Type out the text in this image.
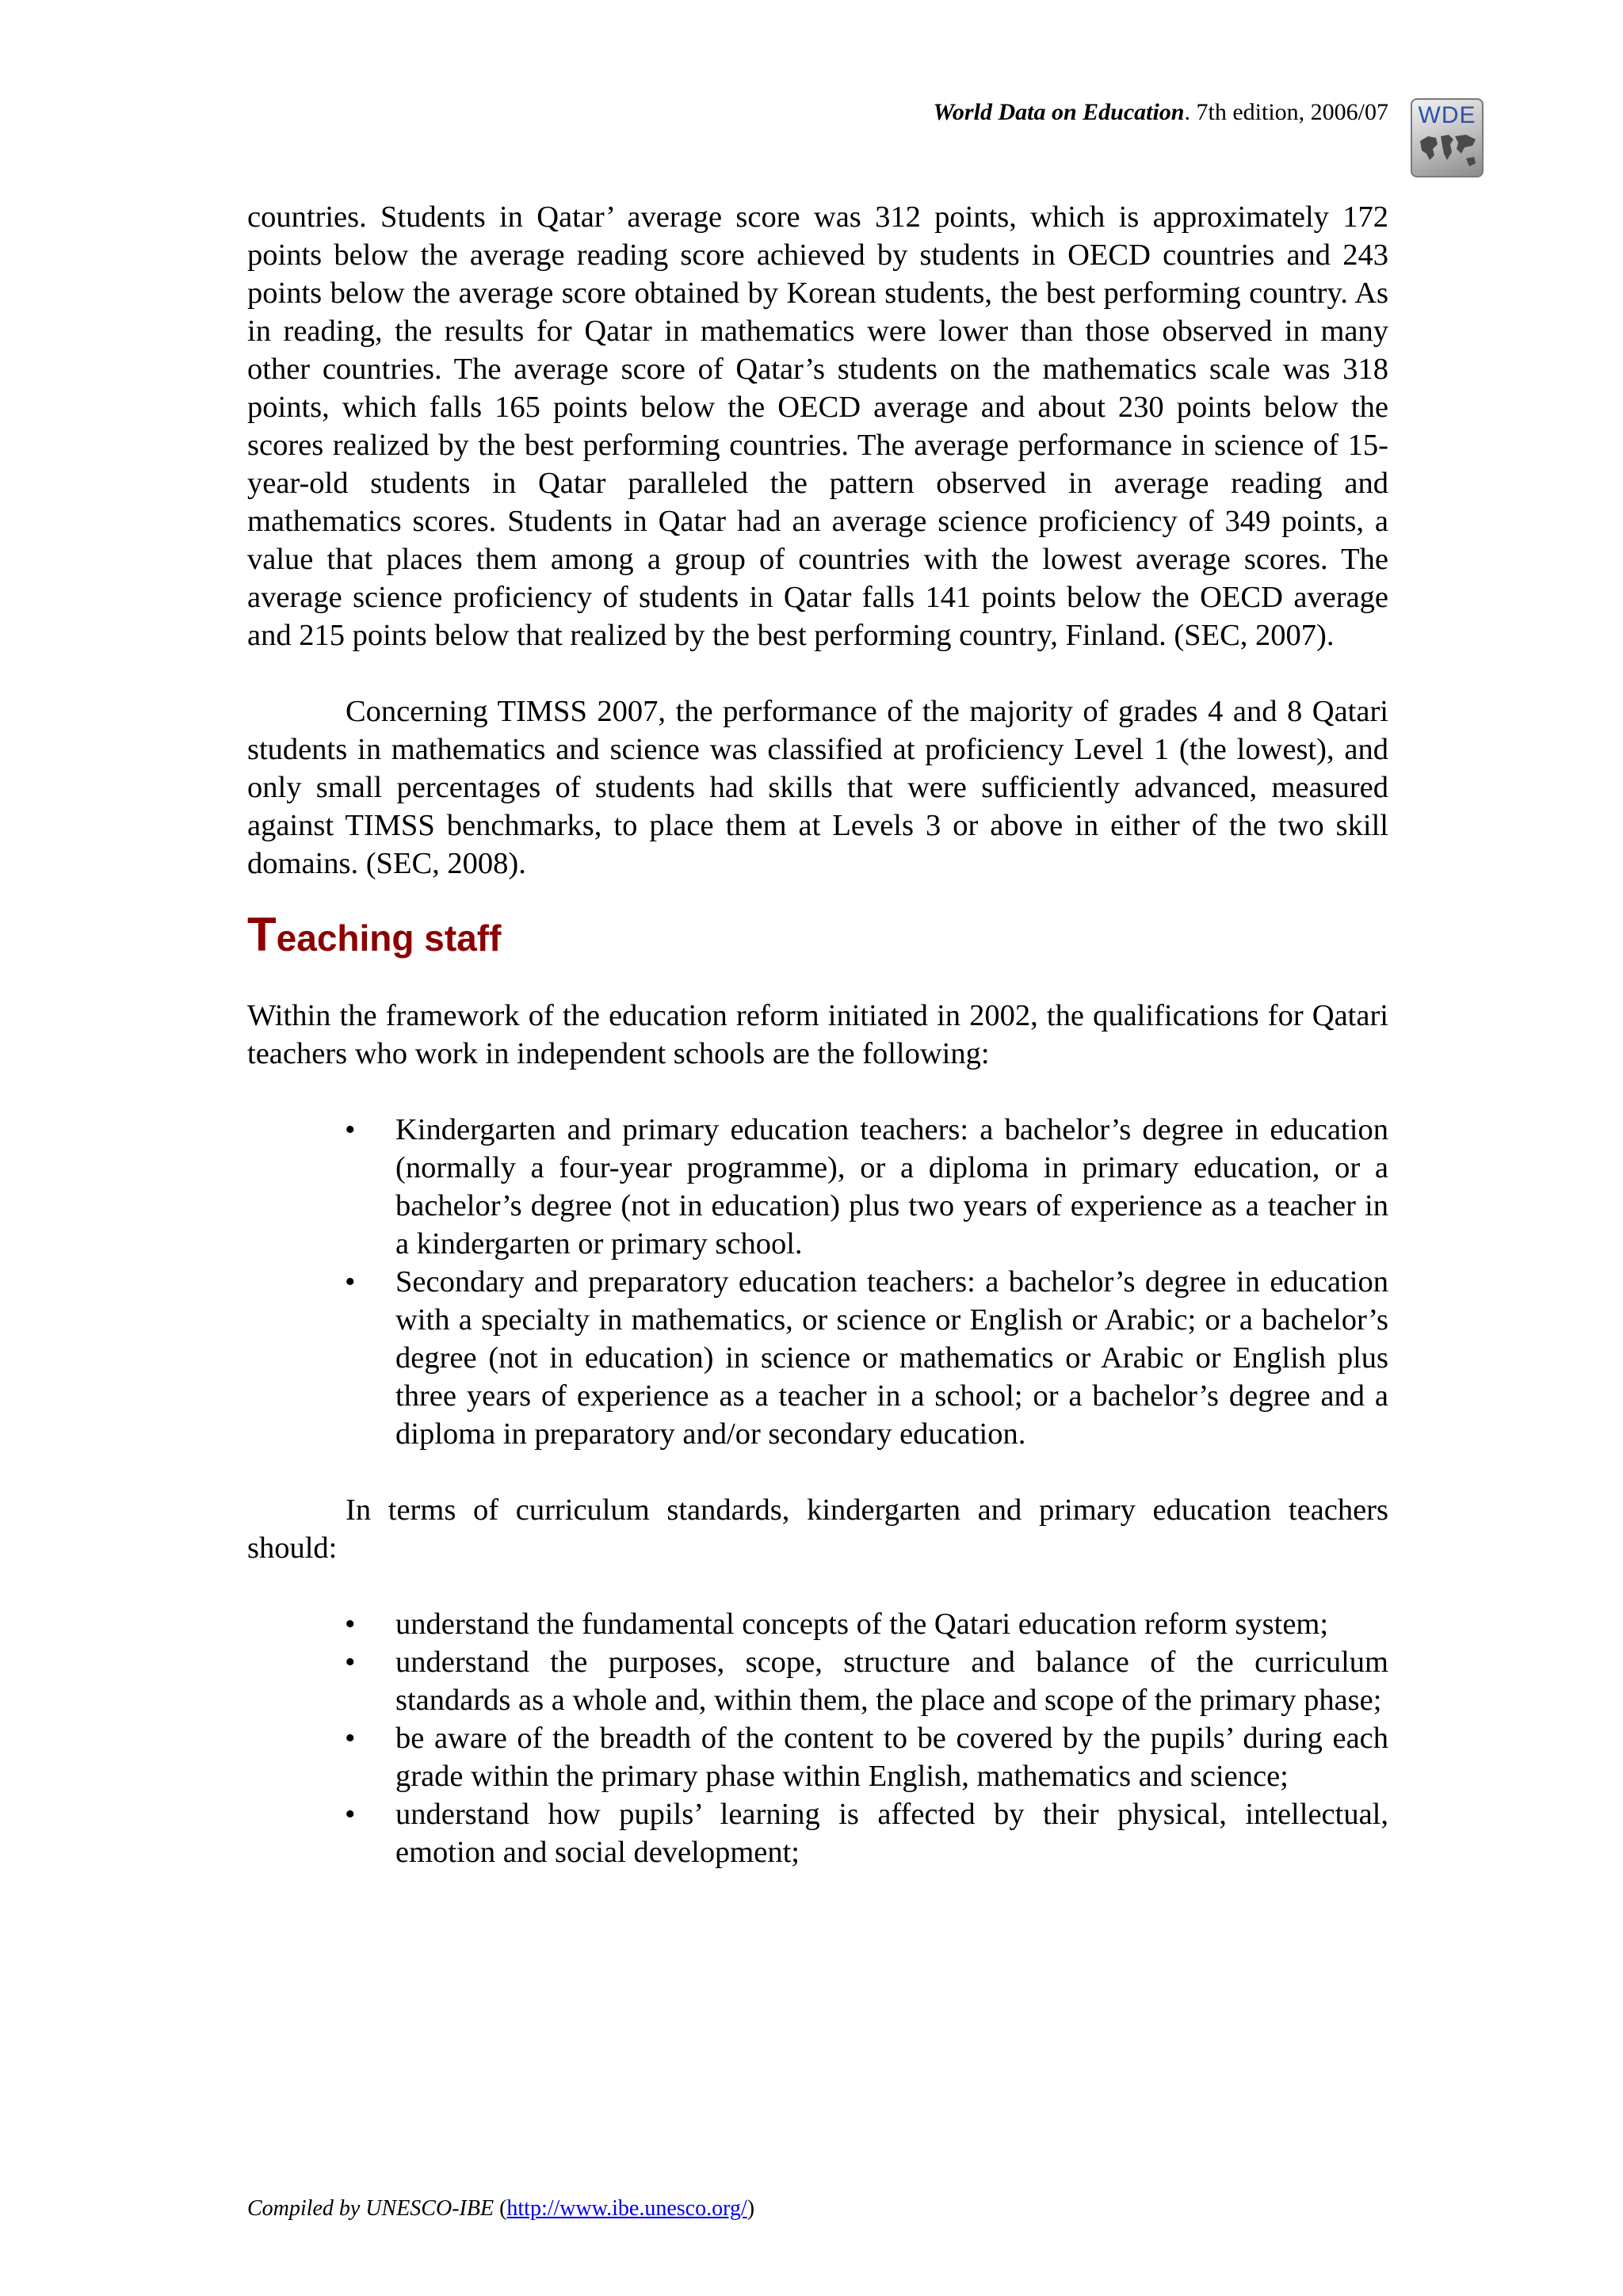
World Data on Education. 7th edition, 2006/07 WDE

countries. Students in Qatar’ average score was 312 points, which is approximately 172 points below the average reading score achieved by students in OECD countries and 243 points below the average score obtained by Korean students, the best performing country. As in reading, the results for Qatar in mathematics were lower than those observed in many other countries. The average score of Qatar’s students on the mathematics scale was 318 points, which falls 165 points below the OECD average and about 230 points below the scores realized by the best performing countries. The average performance in science of 15-year-old students in Qatar paralleled the pattern observed in average reading and mathematics scores. Students in Qatar had an average science proficiency of 349 points, a value that places them among a group of countries with the lowest average scores. The average science proficiency of students in Qatar falls 141 points below the OECD average and 215 points below that realized by the best performing country, Finland. (SEC, 2007).

Concerning TIMSS 2007, the performance of the majority of grades 4 and 8 Qatari students in mathematics and science was classified at proficiency Level 1 (the lowest), and only small percentages of students had skills that were sufficiently advanced, measured against TIMSS benchmarks, to place them at Levels 3 or above in either of the two skill domains. (SEC, 2008).

Teaching staff

Within the framework of the education reform initiated in 2002, the qualifications for Qatari teachers who work in independent schools are the following:

• Kindergarten and primary education teachers: a bachelor’s degree in education (normally a four-year programme), or a diploma in primary education, or a bachelor’s degree (not in education) plus two years of experience as a teacher in a kindergarten or primary school.
• Secondary and preparatory education teachers: a bachelor’s degree in education with a specialty in mathematics, or science or English or Arabic; or a bachelor’s degree (not in education) in science or mathematics or Arabic or English plus three years of experience as a teacher in a school; or a bachelor’s degree and a diploma in preparatory and/or secondary education.

In terms of curriculum standards, kindergarten and primary education teachers should:

• understand the fundamental concepts of the Qatari education reform system;
• understand the purposes, scope, structure and balance of the curriculum standards as a whole and, within them, the place and scope of the primary phase;
• be aware of the breadth of the content to be covered by the pupils’ during each grade within the primary phase within English, mathematics and science;
• understand how pupils’ learning is affected by their physical, intellectual, emotion and social development;
Compiled by UNESCO-IBE (http://www.ibe.unesco.org/)
